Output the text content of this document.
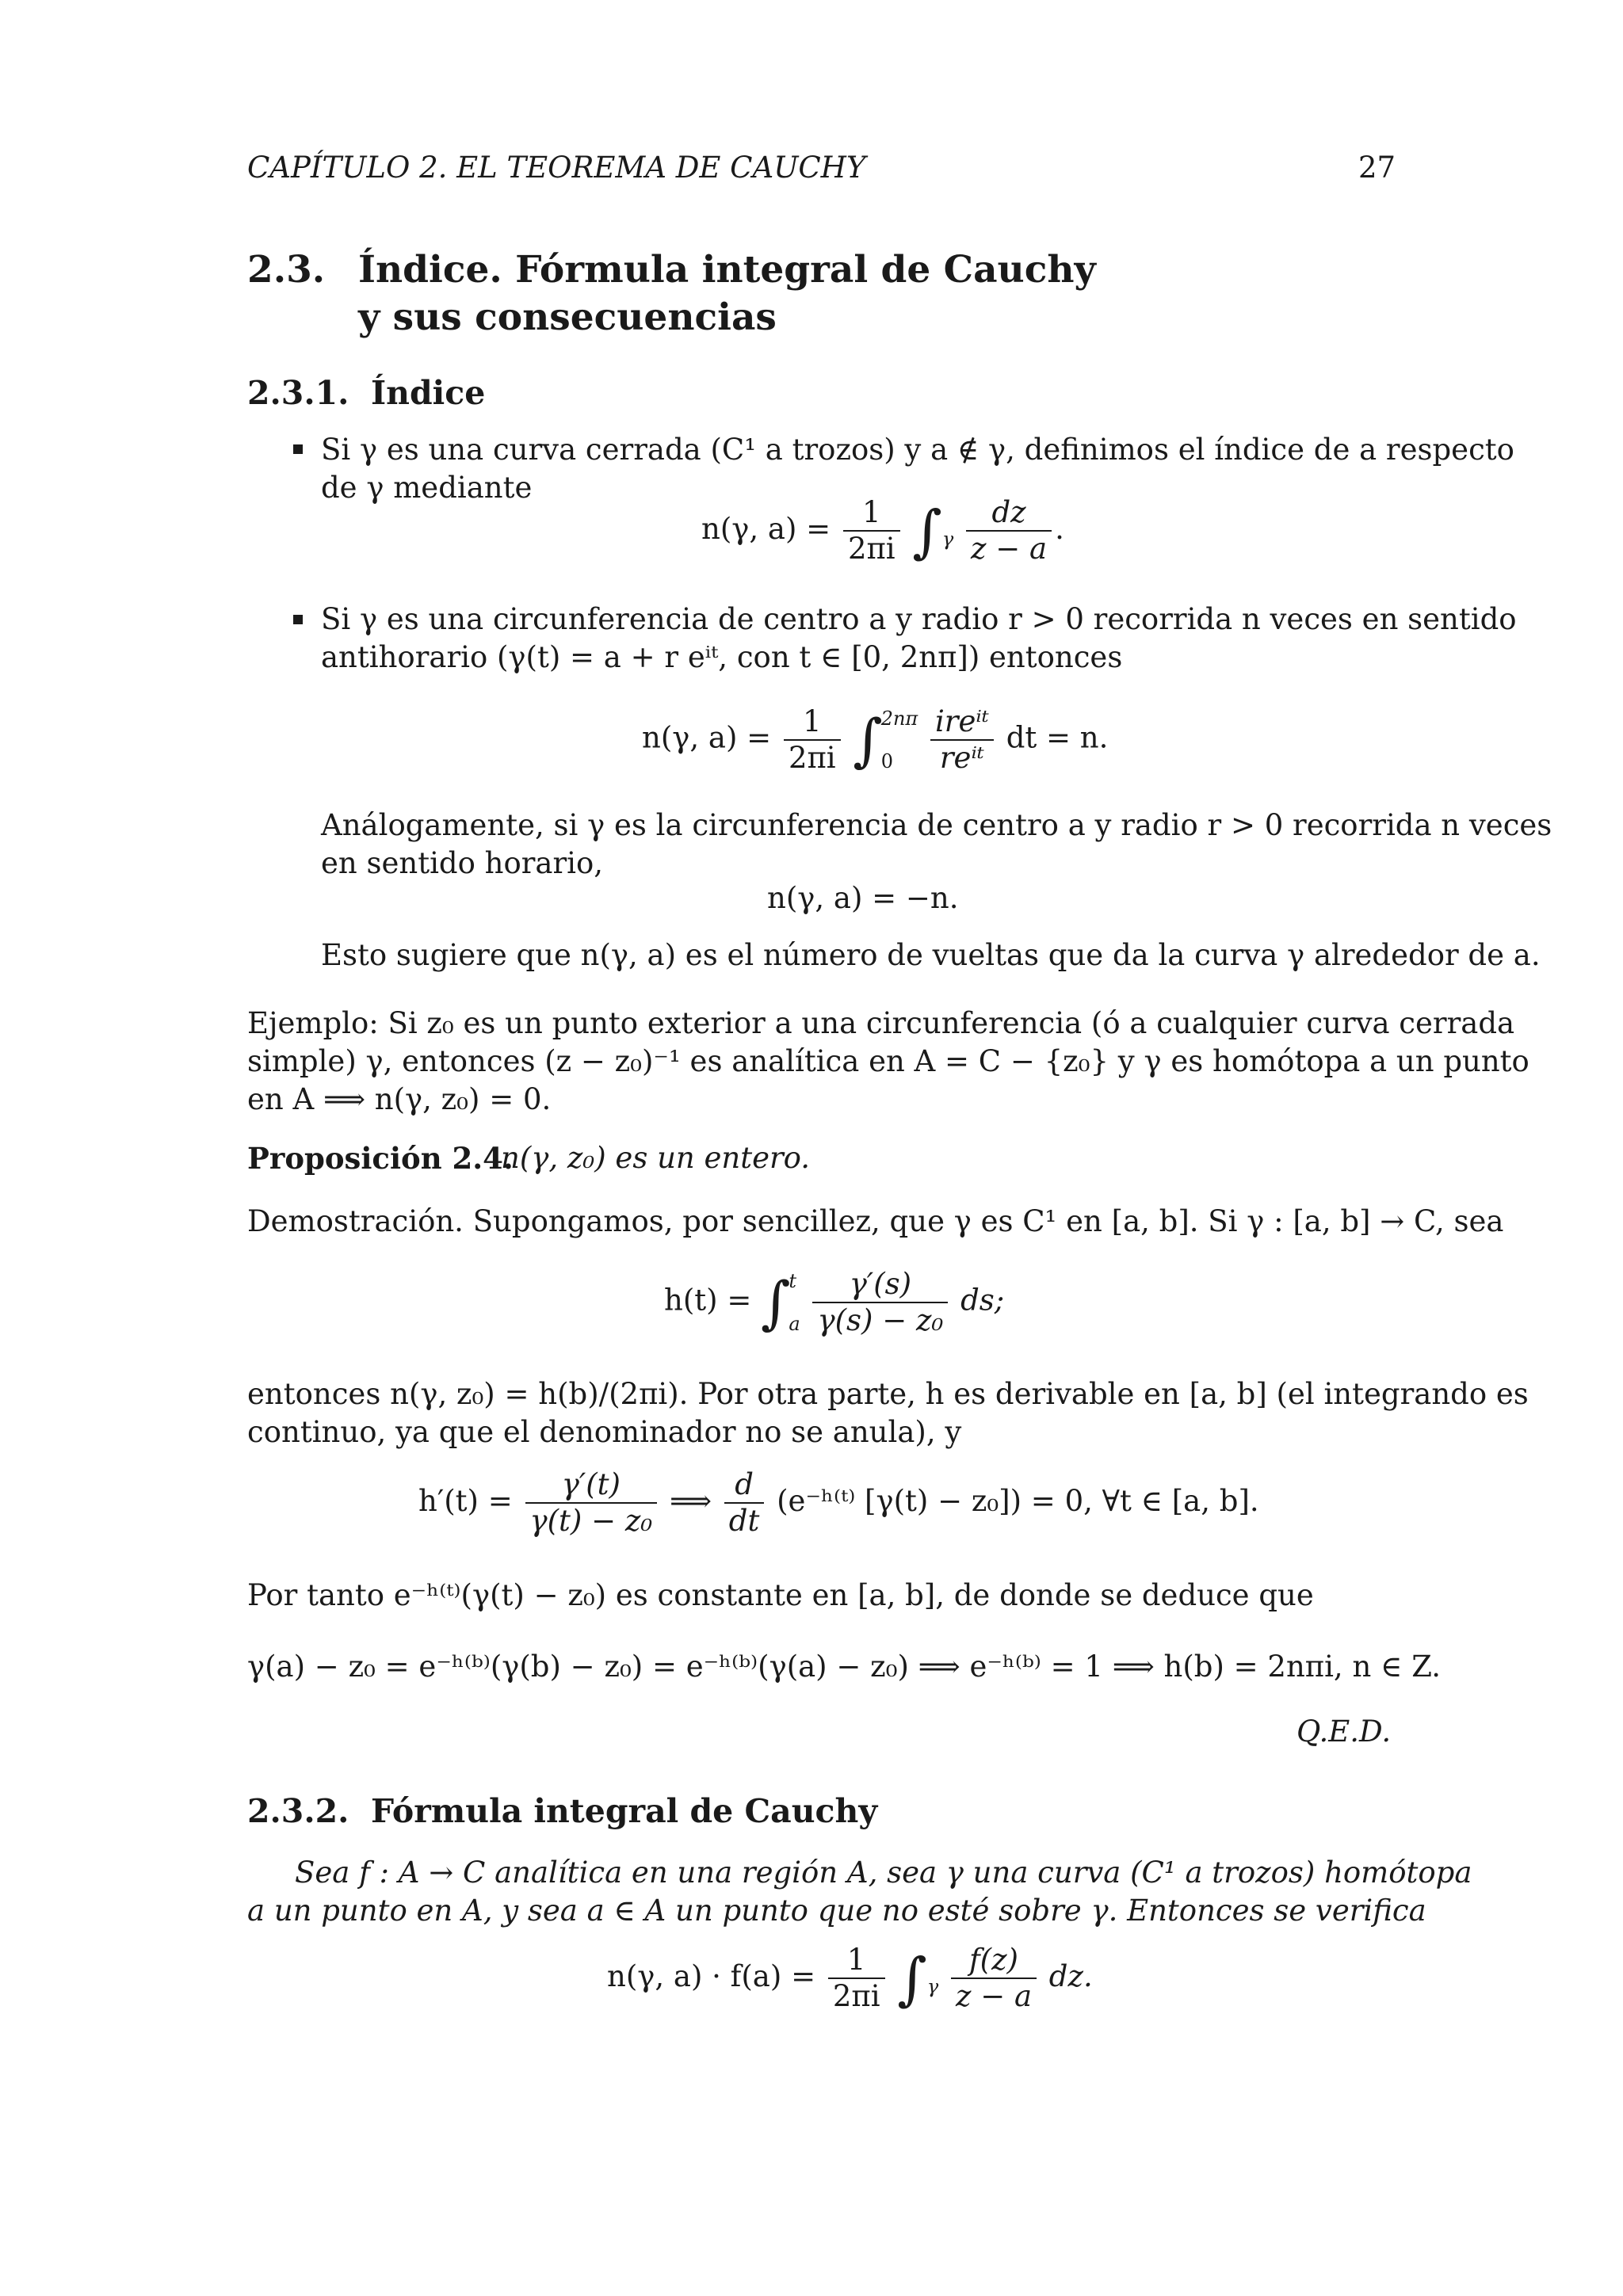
CAPÍTULO 2. EL TEOREMA DE CAUCHY	27
2.3. Índice. Fórmula integral de Cauchy
y sus consecuencias
2.3.1. Índice
Si γ es una curva cerrada (C¹ a trozos) y a ∉ γ, definimos el índice de a respecto
de γ mediante
n(γ, $a) = \frac{1}{2\pi i} \int_\gamma \frac{dz}{z - a}$ .
Si γ es una circunferencia de centro a y radio r > 0 recorrida n veces en sentido
antihorario (γ(t) = a + r eⁱᵗ, con t ∈ [0, 2nπ]) entonces
n(γ, $a) = \frac{1}{2\pi i}$ ∫
2nπ
0
	$\frac{\text{ireⁱᵗ}}{\text{reⁱᵗ}}$ dt = n.
Análogamente, si γ es la circunferencia de centro a y radio r > 0 recorrida n veces
en sentido horario,
n(γ, a) = −n.
Esto sugiere que n(γ, a) es el número de vueltas que da la curva γ alrededor de a.
Ejemplo: Si z₀ es un punto exterior a una circunferencia (ó a cualquier curva cerrada
simple) γ, entonces (z − z₀)⁻¹ es analítica en A = C − {z₀} y γ es homótopa a un punto
en A ⟹ n(γ, z₀) = 0.
Proposición 2.4.
n(γ, z₀) es un entero.
Demostración. Supongamos, por sencillez, que γ es C¹ en [a, b]. Si γ : [a, b] → C, sea
h(t) = ∫
t
a
$\frac{\gamma'(s)}{\text{γ(s) − z₀}}$ ds;
entonces n(γ, z₀) = h(b)/(2πi). Por otra parte, h es derivable en [a, b] (el integrando es
continuo, ya que el denominador no se anula), y
$h'(t) = \frac{\gamma'(t)}{\text{γ(t) − z₀}}$ ⟹ $\frac{d}{dt}$ (e⁻ʰ⁽ᵗ⁾ [γ(t) − z₀]) = 0, ∀t ∈ [a, b].
Por tanto e⁻ʰ⁽ᵗ⁾(γ(t) − z₀) es constante en [a, b], de donde se deduce que
γ(a) − z₀ = e⁻ʰ⁽ᵇ⁾(γ(b) − z₀) = e⁻ʰ⁽ᵇ⁾(γ(a) − z₀) ⟹ e⁻ʰ⁽ᵇ⁾ = 1 ⟹ h(b) = 2nπi, n ∈ Z.
Q.E.D.
2.3.2. Fórmula integral de Cauchy
Sea f : A → C analítica en una región A, sea γ una curva (C¹ a trozos) homótopa
a un punto en A, y sea a ∈ A un punto que no esté sobre γ. Entonces se verifica
n(γ, $a) \cdot f(a) = \frac{1}{2\pi i} \int_\gamma \frac{f(z)}{z - a}$ dz.
